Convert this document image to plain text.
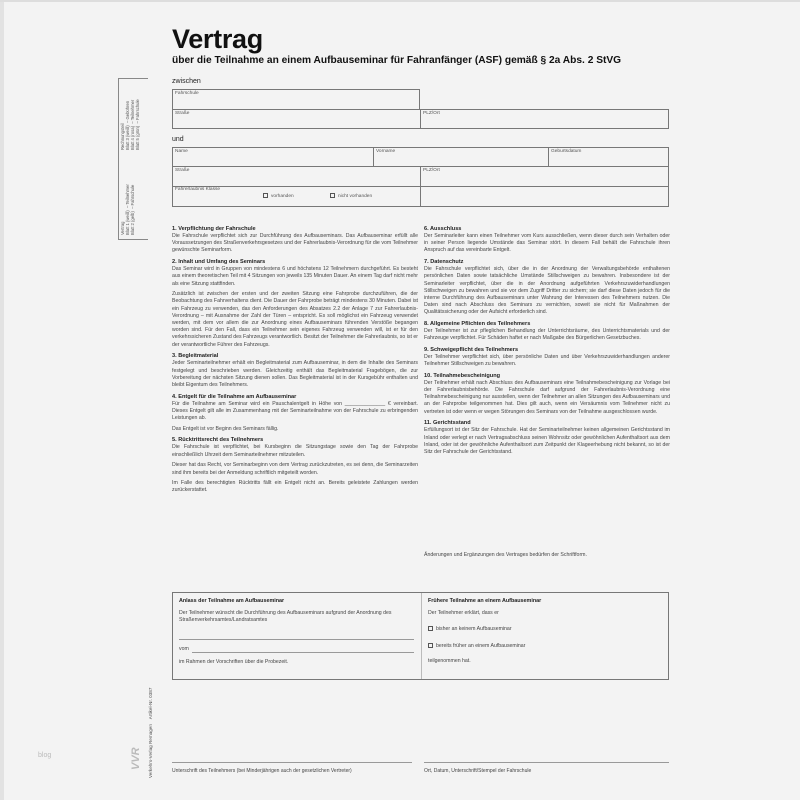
Vertrag
über die Teilnahme an einem Aufbauseminar für Fahranfänger (ASF) gemäß § 2a Abs. 2 StVG
zwischen
Fahrschule
Straße	PLZ/Ort
und
Name	Vorname	Geburtsdatum
Straße	PLZ/Ort
Fahrerlaubnis Klasse
vorhanden	nicht vorhanden
1. Verpflichtung der Fahrschule

Die Fahrschule verpflichtet sich zur Durchführung des Aufbauseminars. Das Aufbauseminar erfüllt alle Voraussetzungen des Straßenverkehrsgesetzes und der Fahrerlaubnis-Verordnung für die vom Teilnehmer gewünschte Seminarform.

2. Inhalt und Umfang des Seminars

Das Seminar wird in Gruppen von mindestens 6 und höchstens 12 Teilnehmern durchgeführt. Es besteht aus einem theoretischen Teil mit 4 Sitzungen von jeweils 135 Minuten Dauer. An einem Tag darf nicht mehr als eine Sitzung stattfinden.

Zusätzlich ist zwischen der ersten und der zweiten Sitzung eine Fahrprobe durchzuführen, die der Beobachtung des Fahrverhaltens dient. Die Dauer der Fahrprobe beträgt mindestens 30 Minuten. Dabei ist ein Fahrzeug zu verwenden, das den Anforderungen des Absatzes 2.2 der Anlage 7 zur Fahrerlaubnis-Verordnung – mit Ausnahme der Zahl der Türen – entspricht. Es soll möglichst ein Fahrzeug verwendet werden, mit dem vor allem die zur Anordnung eines Aufbauseminars führenden Verstöße begangen worden sind. Für den Fall, dass ein Teilnehmer sein eigenes Fahrzeug verwenden will, ist er für den verkehrssicheren Zustand des Fahrzeugs verantwortlich. Besitzt der Teilnehmer die Fahrerlaubnis, so ist er der verantwortliche Führer des Fahrzeugs.

3. Begleitmaterial

Jeder Seminarteilnehmer erhält ein Begleitmaterial zum Aufbauseminar, in dem die Inhalte des Seminars festgelegt und beschrieben werden. Gleichzeitig enthält das Begleitmaterial Fragebögen, die zur Vorbereitung der nächsten Sitzung dienen sollen. Das Begleitmaterial ist in der Kursgebühr enthalten und bleibt Eigentum des Teilnehmers.

4. Entgelt für die Teilnahme am Aufbauseminar

Für die Teilnahme am Seminar wird ein Pauschalentgelt in Höhe von ______________ € vereinbart. Dieses Entgelt gilt alle im Zusammenhang mit der Seminarteilnahme von der Fahrschule zu erbringenden Leistungen ab.

Das Entgelt ist vor Beginn des Seminars fällig.

5. Rücktrittsrecht des Teilnehmers

Die Fahrschule ist verpflichtet, bei Kursbeginn die Sitzungstage sowie den Tag der Fahrprobe einschließlich Uhrzeit dem Seminarteilnehmer mitzuteilen.

Dieser hat das Recht, vor Seminarbeginn von dem Vertrag zurückzutreten, es sei denn, die Seminarzeiten sind ihm bereits bei der Anmeldung schriftlich mitgeteilt worden.

Im Falle des berechtigten Rücktritts fällt ein Entgelt nicht an. Bereits geleistete Zahlungen werden zurückerstattet.

6. Ausschluss

Der Seminarleiter kann einen Teilnehmer vom Kurs ausschließen, wenn dieser durch sein Verhalten oder in seiner Person liegende Umstände das Seminar stört. In diesem Fall behält die Fahrschule ihren Anspruch auf das vereinbarte Entgelt.

7. Datenschutz

Die Fahrschule verpflichtet sich, über die in der Anordnung der Verwaltungsbehörde enthaltenen persönlichen Daten sowie tatsächliche Umstände Stillschweigen zu bewahren. Insbesondere ist der Seminarleiter verpflichtet, über die in der Anordnung aufgeführten Verkehrszuwiderhandlungen Stillschweigen zu bewahren und sie vor dem Zugriff Dritter zu sichern; sie darf diese Daten jedoch für die interne Durchführung des Aufbauseminars unter Wahrung der Interessen des Teilnehmers nutzen. Die Daten sind nach Abschluss des Seminars zu vernichten, soweit sie nicht für Maßnahmen der Qualitätssicherung oder der Aufsicht erforderlich sind.

8. Allgemeine Pflichten des Teilnehmers

Der Teilnehmer ist zur pfleglichen Behandlung der Unterrichtsräume, des Unterrichtsmaterials und der Fahrzeuge verpflichtet. Für Schäden haftet er nach Maßgabe des Bürgerlichen Gesetzbuches.

9. Schweigepflicht des Teilnehmers

Der Teilnehmer verpflichtet sich, über persönliche Daten und über Verkehrszuwiderhandlungen anderer Teilnehmer Stillschweigen zu bewahren.

10. Teilnahmebescheinigung

Der Teilnehmer erhält nach Abschluss des Aufbauseminars eine Teilnahmebescheinigung zur Vorlage bei der Fahrerlaubnisbehörde. Die Fahrschule darf aufgrund der Fahrerlaubnis-Verordnung eine Teilnahmebescheinigung nur ausstellen, wenn der Teilnehmer an allen Sitzungen des Aufbauseminars und an der Fahrprobe teilgenommen hat. Dies gilt auch, wenn ein Versäumnis vom Teilnehmer nicht zu vertreten ist oder wenn er wegen Störungen des Seminars von der Teilnahme ausgeschlossen wurde.

11. Gerichtsstand

Erfüllungsort ist der Sitz der Fahrschule. Hat der Seminarteilnehmer keinen allgemeinen Gerichtsstand im Inland oder verlegt er nach Vertragsabschluss seinen Wohnsitz oder gewöhnlichen Aufenthaltsort aus dem Inland, oder ist der gewöhnliche Aufenthaltsort zum Zeitpunkt der Klageerhebung nicht bekannt, so ist der Sitz der Fahrschule der Gerichtsstand.

Änderungen und Ergänzungen des Vertrages bedürfen der Schriftform.
Anlass der Teilnahme am Aufbauseminar
Der Teilnehmer wünscht die Durchführung des Aufbauseminars aufgrund der Anordnung des Straßenverkehrsamtes/Landratsamtes
vom
im Rahmen der Vorschriften über die Probezeit.
Frühere Teilnahme an einem Aufbauseminar
Der Teilnehmer erklärt, dass er
bisher an keinem Aufbauseminar
bereits früher an einem Aufbauseminar
teilgenommen hat.
Unterschrift des Teilnehmers (bei Minderjährigen auch der gesetzlichen Vertreter)	Ort, Datum, Unterschrift/Stempel der Fahrschule
Rechnungsteil
Blatt 3 (weiß)  – Gebühren
Blatt 4 (rosa)  – Teilnehmer
Blatt 5 (grün)  – Fahrschule
Vertrag
Blatt 1 (weiß)  – Teilnehmer
Blatt 2 (gelb)  – Fahrschule
Verkehrs-Verlag Remagen    Artikel-Nr. 0387
VVR
blog
